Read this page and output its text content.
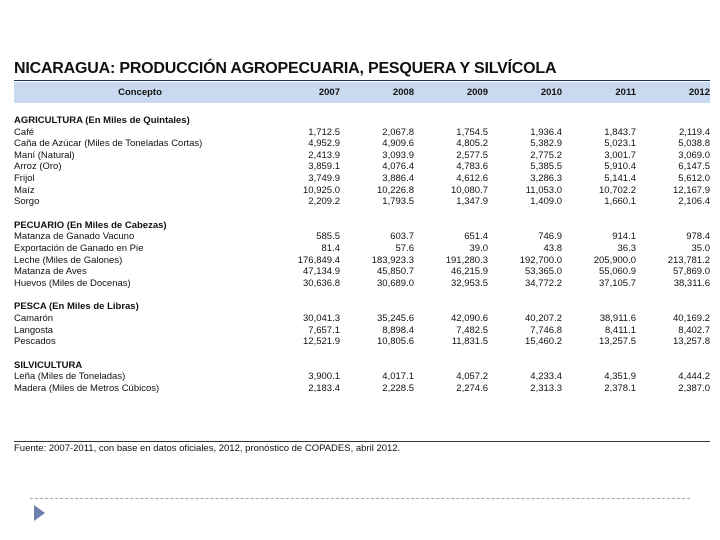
NICARAGUA: PRODUCCIÓN AGROPECUARIA, PESQUERA Y SILVÍCOLA
Concepto	2007	2008	2009	2010	2011	2012

AGRICULTURA (En Miles de Quintales)						
Café	1,712.5	2,067.8	1,754.5	1,936.4	1,843.7	2,119.4
Caña de Azúcar (Miles de Toneladas Cortas)	4,952.9	4,909.6	4,805.2	5,382.9	5,023.1	5,038.8
Maní (Natural)	2,413.9	3,093.9	2,577.5	2,775.2	3,001.7	3,069.0
Arroz (Oro)	3,859.1	4,076.4	4,783.6	5,385.5	5,910.4	6,147.5
Frijol	3,749.9	3,886.4	4,612.6	3,286.3	5,141.4	5,612.0
Maíz	10,925.0	10,226.8	10,080.7	11,053.0	10,702.2	12,167.9
Sorgo	2,209.2	1,793.5	1,347.9	1,409.0	1,660.1	2,106.4

PECUARIO (En Miles de Cabezas)						
Matanza de Ganado Vacuno	585.5	603.7	651.4	746.9	914.1	978.4
Exportación de Ganado en Pie	81.4	57.6	39.0	43.8	36.3	35.0
Leche (Miles de Galones)	176,849.4	183,923.3	191,280.3	192,700.0	205,900.0	213,781.2
Matanza de Aves	47,134.9	45,850.7	46,215.9	53,365.0	55,060.9	57,869.0
Huevos (Miles de Docenas)	30,636.8	30,689.0	32,953.5	34,772.2	37,105.7	38,311.6

PESCA (En Miles de Libras)						
Camarón	30,041.3	35,245.6	42,090.6	40,207.2	38,911.6	40,169.2
Langosta	7,657.1	8,898.4	7,482.5	7,746.8	8,411.1	8,402.7
Pescados	12,521.9	10,805.6	11,831.5	15,460.2	13,257.5	13,257.8

SILVICULTURA						
Leña (Miles de Toneladas)	3,900.1	4,017.1	4,057.2	4,233.4	4,351.9	4,444.2
Madera (Miles de Metros Cúbicos)	2,183.4	2,228.5	2,274.6	2,313.3	2,378.1	2,387.0
Fuente: 2007-2011, con base en datos oficiales, 2012, pronóstico de COPADES, abril 2012.
